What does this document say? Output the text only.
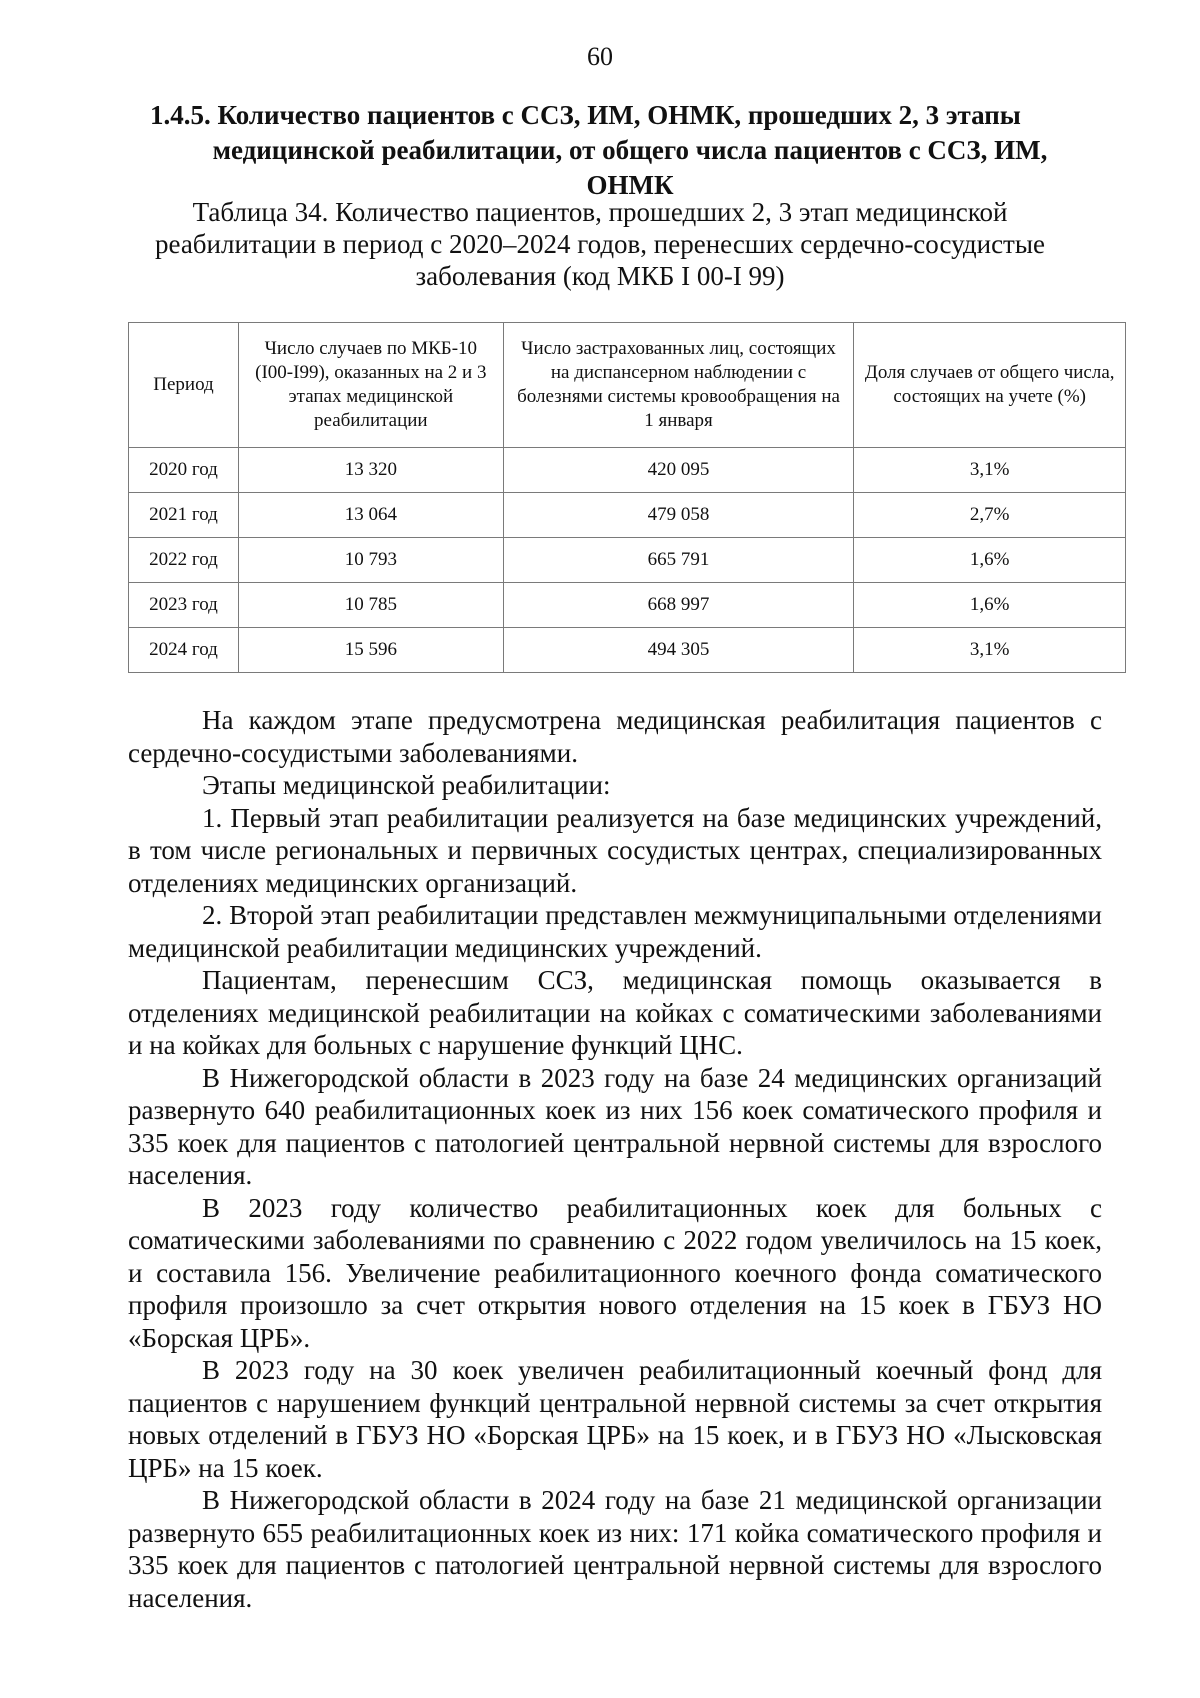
60
1.4.5. Количество пациентов с ССЗ, ИМ, ОНМК, прошедших 2, 3 этапы
медицинской реабилитации, от общего числа пациентов с ССЗ, ИМ, ОНМК
Таблица 34. Количество пациентов, прошедших 2, 3 этап медицинской реабилитации в период с 2020–2024 годов, перенесших сердечно-сосудистые заболевания (код МКБ I 00-I 99)
Период	Число случаев по МКБ-10 (I00-I99), оказанных на 2 и 3 этапах медицинской реабилитации	Число застрахованных лиц, состоящих на диспансерном наблюдении с болезнями системы кровообращения на 1 января	Доля случаев от общего числа, состоящих на учете (%)
2020 год	13 320	420 095	3,1%
2021 год	13 064	479 058	2,7%
2022 год	10 793	665 791	1,6%
2023 год	10 785	668 997	1,6%
2024 год	15 596	494 305	3,1%

На каждом этапе предусмотрена медицинская реабилитация пациентов с сердечно-сосудистыми заболеваниями.

Этапы медицинской реабилитации:

1. Первый этап реабилитации реализуется на базе медицинских учреждений, в том числе региональных и первичных сосудистых центрах, специализированных отделениях медицинских организаций.

2. Второй этап реабилитации представлен межмуниципальными отделениями медицинской реабилитации медицинских учреждений.

Пациентам, перенесшим ССЗ, медицинская помощь оказывается в отделениях медицинской реабилитации на койках с соматическими заболеваниями и на койках для больных с нарушение функций ЦНС.

В Нижегородской области в 2023 году на базе 24 медицинских организаций развернуто 640 реабилитационных коек из них 156 коек соматического профиля и 335 коек для пациентов с патологией центральной нервной системы для взрослого населения.

В 2023 году количество реабилитационных коек для больных с соматическими заболеваниями по сравнению с 2022 годом увеличилось на 15 коек, и составила 156. Увеличение реабилитационного коечного фонда соматического профиля произошло за счет открытия нового отделения на 15 коек в ГБУЗ НО «Борская ЦРБ».

В 2023 году на 30 коек увеличен реабилитационный коечный фонд для пациентов с нарушением функций центральной нервной системы за счет открытия новых отделений в ГБУЗ НО «Борская ЦРБ» на 15 коек, и в ГБУЗ НО «Лысковская ЦРБ» на 15 коек.

В Нижегородской области в 2024 году на базе 21 медицинской организации развернуто 655 реабилитационных коек из них: 171 койка соматического профиля и 335 коек для пациентов с патологией центральной нервной системы для взрослого населения.
